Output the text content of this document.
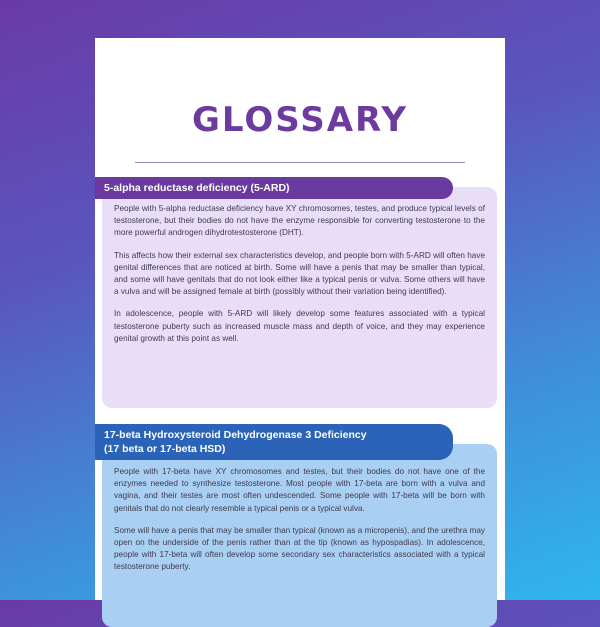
GLOSSARY

People with 5-alpha reductase deficiency have XY chromosomes, testes, and produce typical levels of testosterone, but their bodies do not have the enzyme responsible for converting testosterone to the more powerful androgen dihydrotestosterone (DHT).

This affects how their external sex characteristics develop, and people born with 5-ARD will often have genital differences that are noticed at birth. Some will have a penis that may be smaller than typical, and some will have genitals that do not look either like a typical penis or vulva. Some others will have a vulva and will be assigned female at birth (possibly without their variation being identified).

In adolescence, people with 5-ARD will likely develop some features associated with a typical testosterone puberty such as increased muscle mass and depth of voice, and they may experience genital growth at this point as well.

5-alpha reductase deficiency (5-ARD)

People with 17-beta have XY chromosomes and testes, but their bodies do not have one of the enzymes needed to synthesize testosterone. Most people with 17-beta are born with a vulva and vagina, and their testes are most often undescended. Some people with 17-beta will be born with genitals that do not clearly resemble a typical penis or a typical vulva.

Some will have a penis that may be smaller than typical (known as a micropenis), and the urethra may open on the underside of the penis rather than at the tip (known as hypospadias). In adolescence, people with 17-beta will often develop some secondary sex characteristics associated with a typical testosterone puberty.

17-beta Hydroxysteroid Dehydrogenase 3 Deficiency
(17 beta or 17-beta HSD)
